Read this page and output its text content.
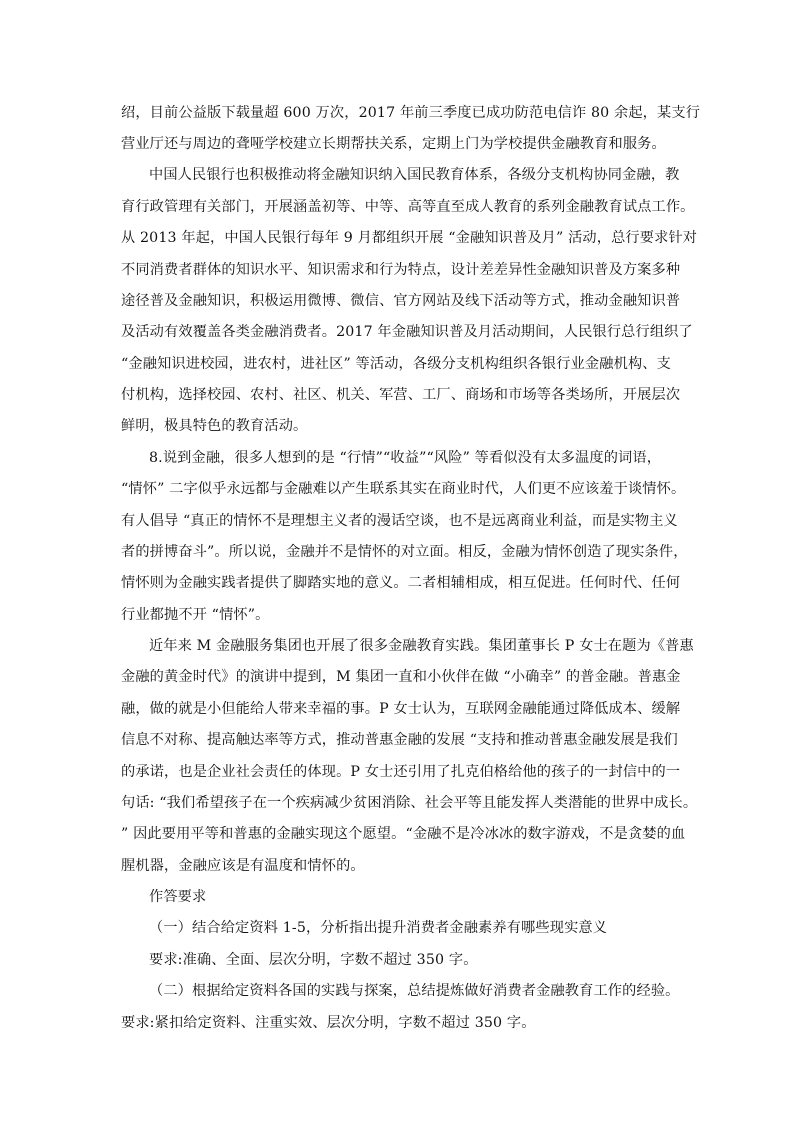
绍，目前公益版下载量超 600 万次，2017 年前三季度已成功防范电信诈 80 余起，某支行
营业厅还与周边的聋哑学校建立长期帮扶关系，定期上门为学校提供金融教育和服务。
中国人民银行也积极推动将金融知识纳入国民教育体系，各级分支机构协同金融，教
育行政管理有关部门，开展涵盖初等、中等、高等直至成人教育的系列金融教育试点工作。
从 2013 年起，中国人民银行每年 9 月都组织开展 “金融知识普及月” 活动，总行要求针对
不同消费者群体的知识水平、知识需求和行为特点，设计差差异性金融知识普及方案多种
途径普及金融知识，积极运用微博、微信、官方网站及线下活动等方式，推动金融知识普
及活动有效覆盖各类金融消费者。2017 年金融知识普及月活动期间，人民银行总行组织了
“金融知识进校园，进农村，进社区” 等活动，各级分支机构组织各银行业金融机构、支
付机构，选择校园、农村、社区、机关、军营、工厂、商场和市场等各类场所，开展层次
鲜明，极具特色的教育活动。
8.说到金融，很多人想到的是 “行情”“收益”“风险” 等看似没有太多温度的词语，
“情怀” 二字似乎永远都与金融难以产生联系其实在商业时代，人们更不应该羞于谈情怀。
有人倡导 “真正的情怀不是理想主义者的漫话空谈，也不是远离商业利益，而是实物主义
者的拼博奋斗”。所以说，金融并不是情怀的对立面。相反，金融为情怀创造了现实条件，
情怀则为金融实践者提供了脚踏实地的意义。二者相辅相成，相互促进。任何时代、任何
行业都抛不开 “情怀”。
近年来 M 金融服务集团也开展了很多金融教育实践。集团董事长 P 女士在题为《普惠
金融的黄金时代》的演讲中提到，M 集团一直和小伙伴在做 “小确幸” 的普金融。普惠金
融，做的就是小但能给人带来幸福的事。P 女士认为，互联网金融能通过降低成本、缓解
信息不对称、提高触达率等方式，推动普惠金融的发展 “支持和推动普惠金融发展是我们
的承诺，也是企业社会责任的体现。P 女士还引用了扎克伯格给他的孩子的一封信中的一
句话: “我们希望孩子在一个疾病减少贫困消除、社会平等且能发挥人类潜能的世界中成长。
” 因此要用平等和普惠的金融实现这个愿望。“金融不是冷冰冰的数字游戏，不是贪婪的血
腥机器，金融应该是有温度和情怀的。
作答要求
（一）结合给定资料 1-5，分析指出提升消费者金融素养有哪些现实意义
要求:准确、全面、层次分明，字数不超过 350 字。
（二）根据给定资料各国的实践与探案，总结提炼做好消费者金融教育工作的经验。
要求:紧扣给定资料、注重实效、层次分明，字数不超过 350 字。
